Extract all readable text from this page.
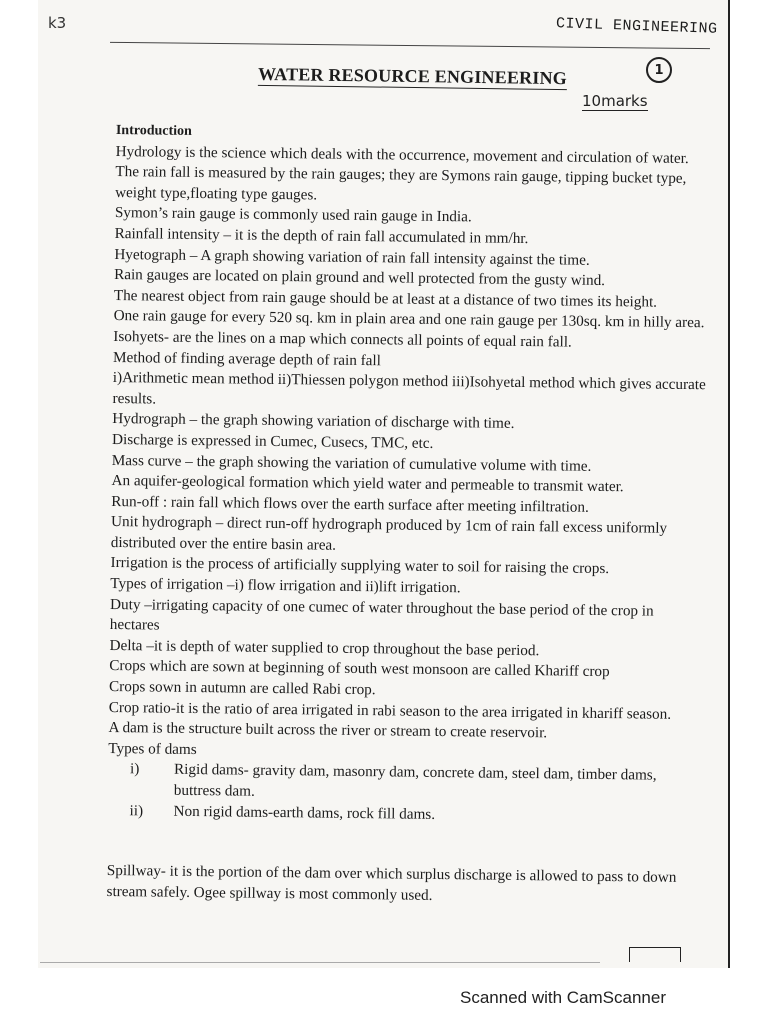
k3	CIVIL ENGINEERING
1
WATER RESOURCE ENGINEERING
10marks
Introduction

Hydrology is the science which deals with the occurrence, movement and circulation of water.

The rain fall is measured by the rain gauges; they are Symons rain gauge, tipping bucket type, weight type,floating type gauges.

Symon’s rain gauge is commonly used rain gauge in India.

Rainfall intensity – it is the depth of rain fall accumulated in mm/hr.

Hyetograph – A graph showing variation of rain fall intensity against the time.

Rain gauges are located on plain ground and well protected from the gusty wind.

The nearest object from rain gauge should be at least at a distance of two times its height.

One rain gauge for every 520 sq. km in plain area and one rain gauge per 130sq. km in hilly area.

Isohyets- are the lines on a map which connects all points of equal rain fall.

Method of finding average depth of rain fall

i)Arithmetic mean method ii)Thiessen polygon method iii)Isohyetal method which gives accurate results.

Hydrograph – the graph showing variation of discharge with time.

Discharge is expressed in Cumec, Cusecs, TMC, etc.

Mass curve – the graph showing the variation of cumulative volume with time.

An aquifer-geological formation which yield water and permeable to transmit water.

Run-off : rain fall which flows over the earth surface after meeting infiltration.

Unit hydrograph – direct run-off hydrograph produced by 1cm of rain fall excess uniformly distributed over the entire basin area.

Irrigation is the process of artificially supplying water to soil for raising the crops.

Types of irrigation –i) flow irrigation and ii)lift irrigation.

Duty –irrigating capacity of one cumec of water throughout the base period of the crop in hectares

Delta –it is depth of water supplied to crop throughout the base period.

Crops which are sown at beginning of south west monsoon are called Khariff crop

Crops sown in autumn are called Rabi crop.

Crop ratio-it is the ratio of area irrigated in rabi season to the area irrigated in khariff season.

A dam is the structure built across the river or stream to create reservoir.

Types of dams

i)	Rigid dams- gravity dam, masonry dam, concrete dam, steel dam, timber dams, buttress dam.
ii)	Non rigid dams-earth dams, rock fill dams.

Spillway- it is the portion of the dam over which surplus discharge is allowed to pass to down stream safely. Ogee spillway is most commonly used.

Scanned with CamScanner
